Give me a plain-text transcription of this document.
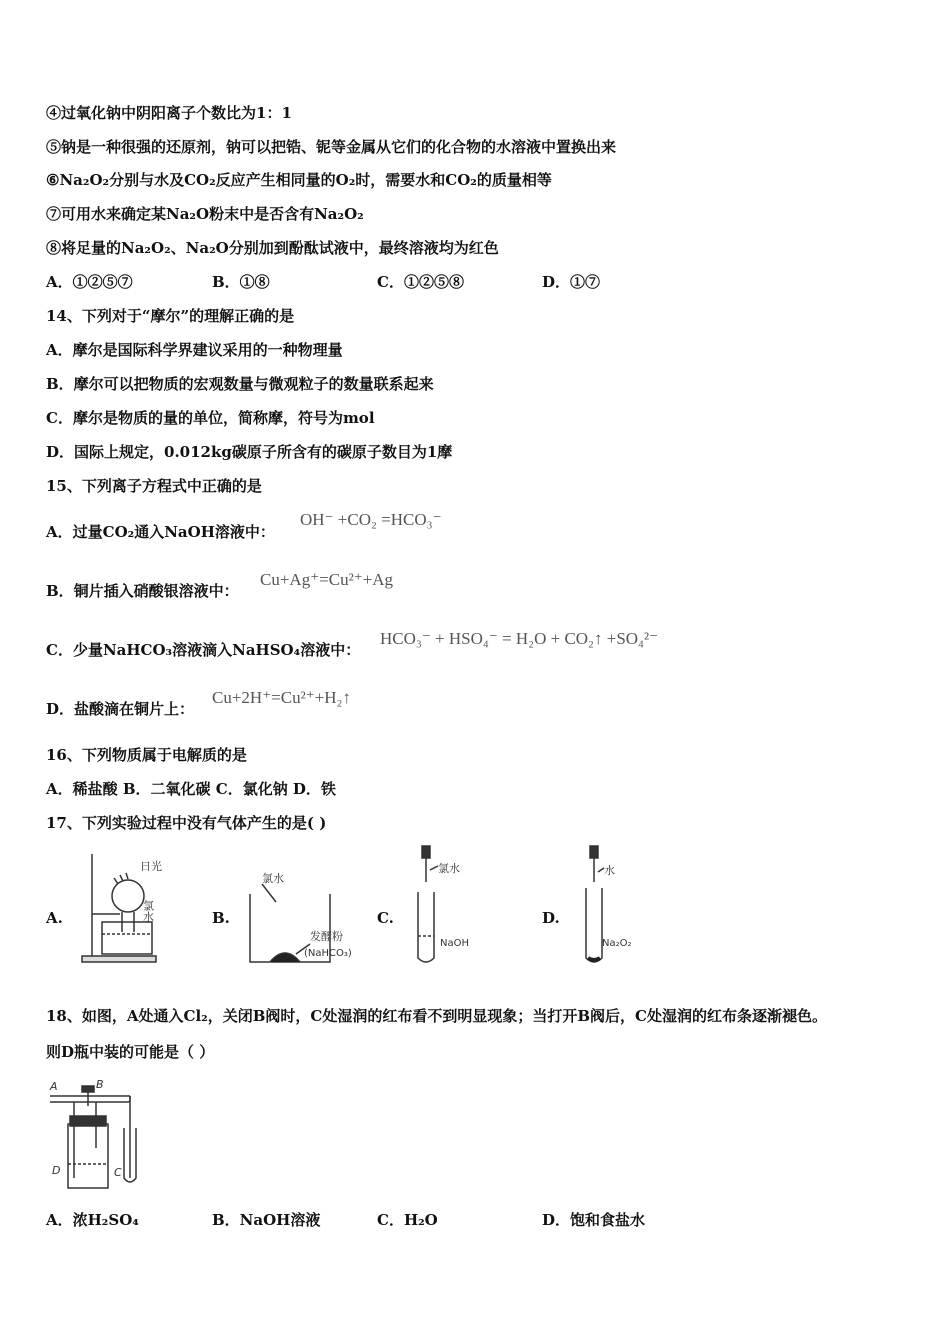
④过氧化钠中阴阳离子个数比为1：1
⑤钠是一种很强的还原剂，钠可以把锆、铌等金属从它们的化合物的水溶液中置换出来
⑥Na₂O₂分别与水及CO₂反应产生相同量的O₂时，需要水和CO₂的质量相等
⑦可用水来确定某Na₂O粉末中是否含有Na₂O₂
⑧将足量的Na₂O₂、Na₂O分别加到酚酞试液中，最终溶液均为红色
A．①②⑤⑦	B．①⑧	C．①②⑤⑧	D．①⑦
14、下列对于“摩尔”的理解正确的是
A．摩尔是国际科学界建议采用的一种物理量
B．摩尔可以把物质的宏观数量与微观粒子的数量联系起来
C．摩尔是物质的量的单位，简称摩，符号为mol
D．国际上规定，0.012kg碳原子所含有的碳原子数目为1摩
15、下列离子方程式中正确的是
A．过量CO₂通入NaOH溶液中：
OH⁻ +CO₂ =HCO₃⁻
B．铜片插入硝酸银溶液中：
Cu+Ag⁺=Cu²⁺+Ag
C．少量NaHCO₃溶液滴入NaHSO₄溶液中：
HCO₃⁻ + HSO₄⁻ = H₂O + CO₂↑ +SO₄²⁻
D．盐酸滴在铜片上：
Cu+2H⁺=Cu²⁺+H₂↑
16、下列物质属于电解质的是
A．稀盐酸 B．二氧化碳 C．氯化钠 D．铁
17、下列实验过程中没有气体产生的是( )
A.	B.	C.	D.
日光
氯水
氯水
发酵粉
(NaHCO₃)
氯水
NaOH
水
Na₂O₂
18、如图，A处通入Cl₂，关闭B阀时，C处湿润的红布看不到明显现象；当打开B阀后，C处湿润的红布条逐渐褪色。
则D瓶中装的可能是（ ）
A	B
C
D
A．浓H₂SO₄	B．NaOH溶液	C．H₂O	D．饱和食盐水
